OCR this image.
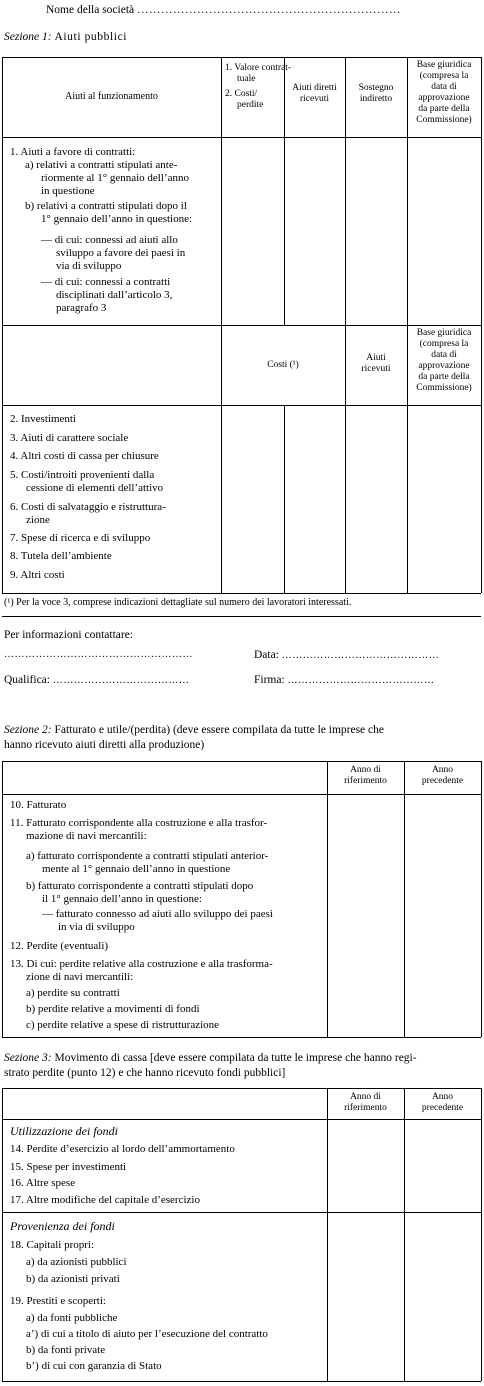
Nome della società …………………………………………………………
Sezione 1: Aiuti pubblici
Aiuti al funzionamento
1. Valore contrat-
tuale
2. Costi/
perdite
Aiuti diretti
ricevuti
Sostegno
indiretto
Base giuridica
(compresa la
data di
approvazione
da parte della
Commissione)
1. Aiuti a favore di contratti:
a) relativi a contratti stipulati ante-
riormente al 1° gennaio dell’anno
in questione
b) relativi a contratti stipulati dopo il
1° gennaio dell’anno in questione:
— di cui: connessi ad aiuti allo
sviluppo a favore dei paesi in
via di sviluppo
— di cui: connessi a contratti
disciplinati dall’articolo 3,
paragrafo 3
Costi (¹)
Aiuti
ricevuti
Base giuridica
(compresa la
data di
approvazione
da parte della
Commissione)
2. Investimenti
3. Aiuti di carattere sociale
4. Altri costi di cassa per chiusure
5. Costi/introiti provenienti dalla
cessione di elementi dell’attivo
6. Costi di salvataggio e ristruttura-
zione
7. Spese di ricerca e di sviluppo
8. Tutela dell’ambiente
9. Altri costi
(¹) Per la voce 3, comprese indicazioni dettagliate sul numero dei lavoratori interessati.
Per informazioni contattare:
………………………………………………	Data: ………………………………………
Qualifica: …………………………………	Firma: ……………………………………
Sezione 2: Fatturato e utile/(perdita) (deve essere compilata da tutte le imprese che
hanno ricevuto aiuti diretti alla produzione)
Anno di
riferimento
Anno
precedente
10. Fatturato
11. Fatturato corrispondente alla costruzione e alla trasfor-
mazione di navi mercantili:
a) fatturato corrispondente a contratti stipulati anterior-
mente al 1° gennaio dell’anno in questione
b) fatturato corrispondente a contratti stipulati dopo
il 1° gennaio dell’anno in questione:
— fatturato connesso ad aiuti allo sviluppo dei paesi
in via di sviluppo
12. Perdite (eventuali)
13. Di cui: perdite relative alla costruzione e alla trasforma-
zione di navi mercantili:
a) perdite su contratti
b) perdite relative a movimenti di fondi
c) perdite relative a spese di ristrutturazione
Sezione 3: Movimento di cassa [deve essere compilata da tutte le imprese che hanno regi-
strato perdite (punto 12) e che hanno ricevuto fondi pubblici]
Anno di
riferimento
Anno
precedente
Utilizzazione dei fondi
14. Perdite d’esercizio al lordo dell’ammortamento
15. Spese per investimenti
16. Altre spese
17. Altre modifiche del capitale d’esercizio
Provenienza dei fondi
18. Capitali propri:
a) da azionisti pubblici
b) da azionisti privati
19. Prestiti e scoperti:
a) da fonti pubbliche
a’) di cui a titolo di aiuto per l’esecuzione del contratto
b) da fonti private
b’) di cui con garanzia di Stato
